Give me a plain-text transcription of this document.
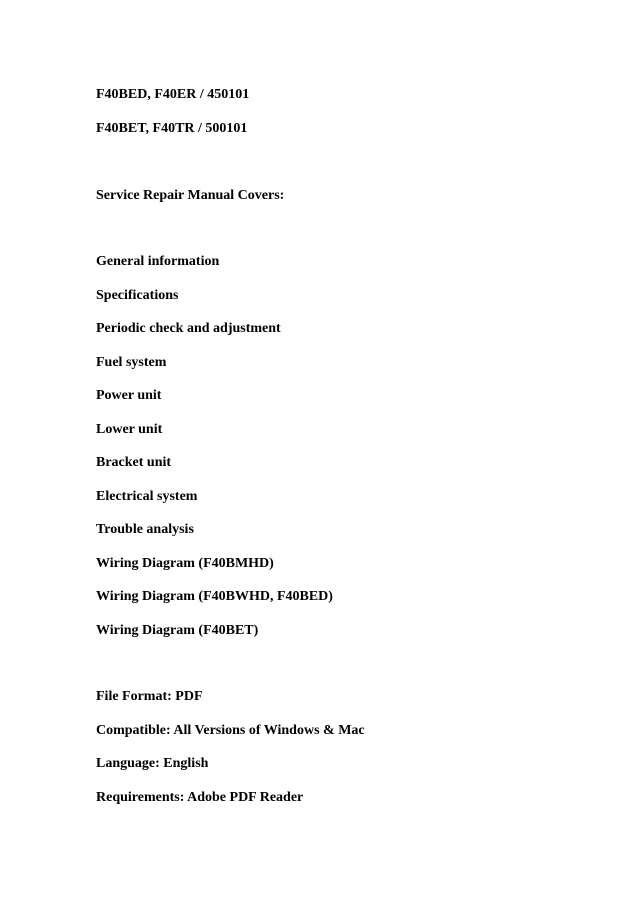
F40BED, F40ER / 450101

F40BET, F40TR / 500101

Service Repair Manual Covers:

General information

Specifications

Periodic check and adjustment

Fuel system

Power unit

Lower unit

Bracket unit

Electrical system

Trouble analysis

Wiring Diagram (F40BMHD)

Wiring Diagram (F40BWHD, F40BED)

Wiring Diagram (F40BET)

File Format: PDF

Compatible: All Versions of Windows & Mac

Language: English

Requirements: Adobe PDF Reader
